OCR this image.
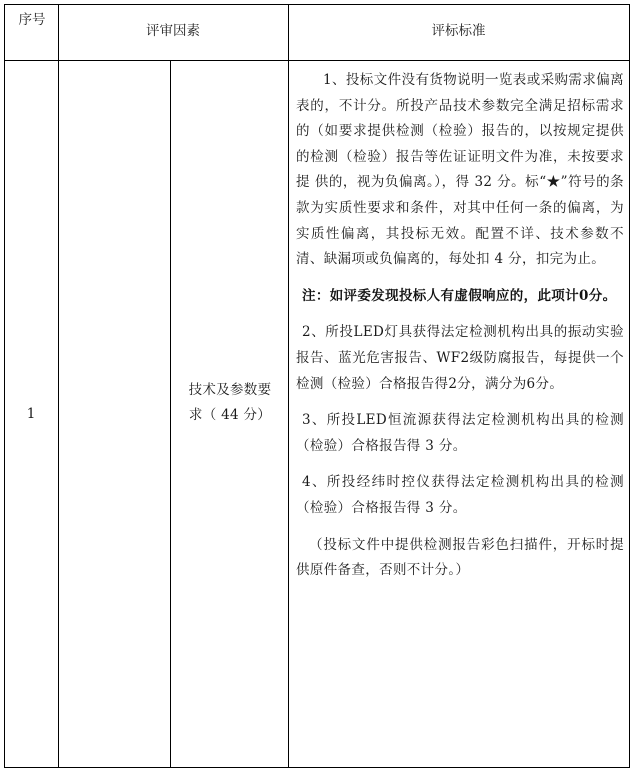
序号
评审因素	评标标准
1
技术及参数要求（ 44 分）

1、投标文件没有货物说明一览表或采购需求偏离表的，不计分。所投产品技术参数完全满足招标需求的（如要求提供检测（检验）报告的，以按规定提供的检测（检验）报告等佐证证明文件为准，未按要求提 供的，视为负偏离。），得 32 分。标“★”符号的条款为实质性要求和条件，对其中任何一条的偏离，为实质性偏离，其投标无效。配置不详、技术参数不清、缺漏项或负偏离的，每处扣 4 分，扣完为止。

注：如评委发现投标人有虚假响应的，此项计0分。

2、所投LED灯具获得法定检测机构出具的振动实验报告、蓝光危害报告、WF2级防腐报告，每提供一个检测（检验）合格报告得2分，满分为6分。

3、所投LED恒流源获得法定检测机构出具的检测（检验）合格报告得 3 分。

4、所投经纬时控仪获得法定检测机构出具的检测（检验）合格报告得 3 分。

（投标文件中提供检测报告彩色扫描件，开标时提供原件备查，否则不计分。）
